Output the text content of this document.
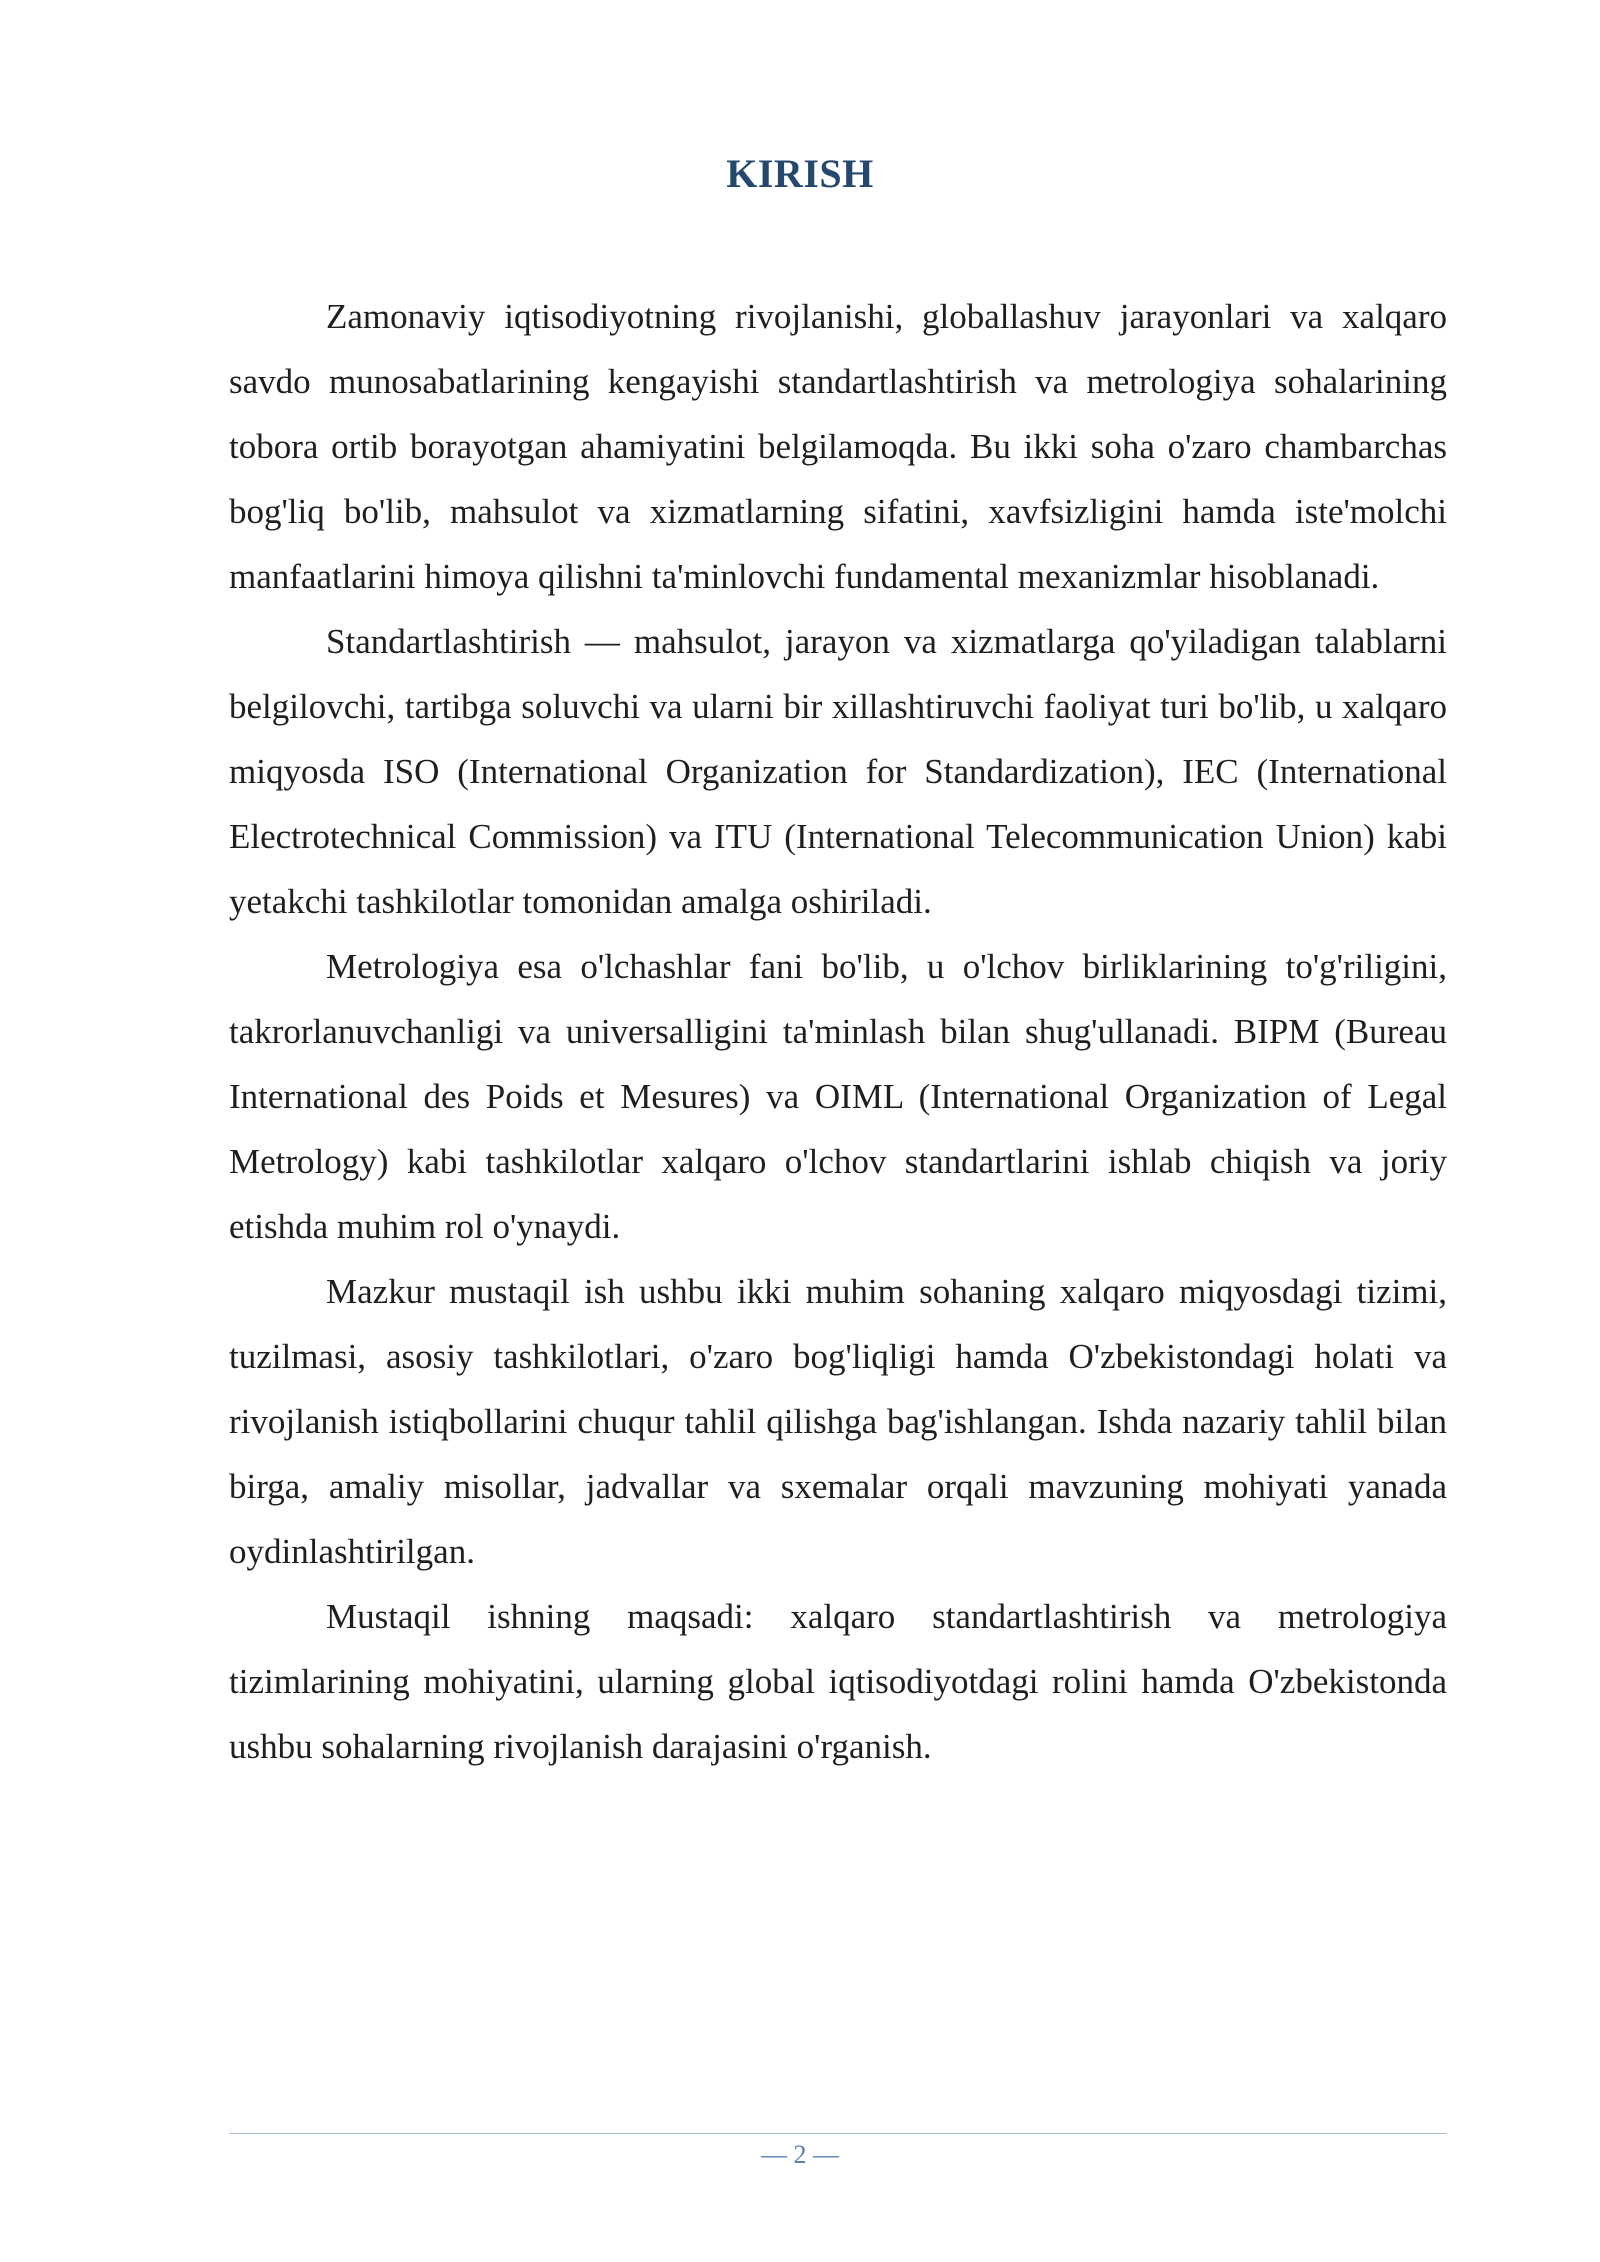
KIRISH

Zamonaviy iqtisodiyotning rivojlanishi, globallashuv jarayonlari va xalqaro savdo munosabatlarining kengayishi standartlashtirish va metrologiya sohalarining tobora ortib borayotgan ahamiyatini belgilamoqda. Bu ikki soha o'zaro chambarchas bog'liq bo'lib, mahsulot va xizmatlarning sifatini, xavfsizligini hamda iste'molchi manfaatlarini himoya qilishni ta'minlovchi fundamental mexanizmlar hisoblanadi.

Standartlashtirish — mahsulot, jarayon va xizmatlarga qo'yiladigan talablarni belgilovchi, tartibga soluvchi va ularni bir xillashtiruvchi faoliyat turi bo'lib, u xalqaro miqyosda ISO (International Organization for Standardization), IEC (International Electrotechnical Commission) va ITU (International Telecommunication Union) kabi yetakchi tashkilotlar tomonidan amalga oshiriladi.

Metrologiya esa o'lchashlar fani bo'lib, u o'lchov birliklarining to'g'riligini, takrorlanuvchanligi va universalligini ta'minlash bilan shug'ullanadi. BIPM (Bureau International des Poids et Mesures) va OIML (International Organization of Legal Metrology) kabi tashkilotlar xalqaro o'lchov standartlarini ishlab chiqish va joriy etishda muhim rol o'ynaydi.

Mazkur mustaqil ish ushbu ikki muhim sohaning xalqaro miqyosdagi tizimi, tuzilmasi, asosiy tashkilotlari, o'zaro bog'liqligi hamda O'zbekistondagi holati va rivojlanish istiqbollarini chuqur tahlil qilishga bag'ishlangan. Ishda nazariy tahlil bilan birga, amaliy misollar, jadvallar va sxemalar orqali mavzuning mohiyati yanada oydinlashtirilgan.

Mustaqil ishning maqsadi: xalqaro standartlashtirish va metrologiya tizimlarining mohiyatini, ularning global iqtisodiyotdagi rolini hamda O'zbekistonda ushbu sohalarning rivojlanish darajasini o'rganish.

— 2 —
